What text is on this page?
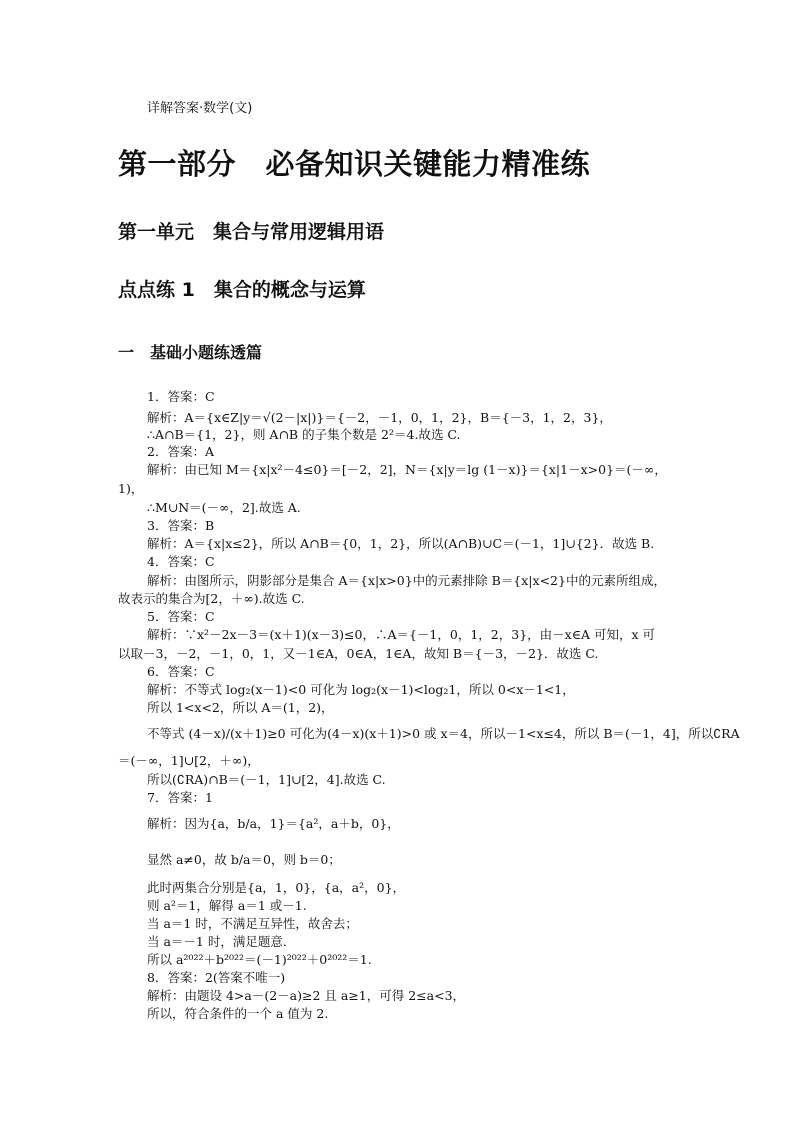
详解答案·数学(文)
第一部分　必备知识关键能力精准练
第一单元　集合与常用逻辑用语
点点练 1　集合的概念与运算
一　基础小题练透篇
1．答案：C
解析：A＝{x∈Z|y＝√(2－|x|)}＝{－2，－1，0，1，2}，B＝{－3，1，2，3}，
∴A∩B＝{1，2}，则 A∩B 的子集个数是 2²＝4.故选 C.
2．答案：A
解析：由已知 M＝{x|x²－4≤0}＝[－2，2]，N＝{x|y＝lg (1－x)}＝{x|1－x>0}＝(－∞，
1)，
∴M∪N＝(－∞，2].故选 A.
3．答案：B
解析：A＝{x|x≤2}，所以 A∩B＝{0，1，2}，所以(A∩B)∪C＝(－1，1]∪{2}．故选 B.
4．答案：C
解析：由图所示，阴影部分是集合 A＝{x|x>0}中的元素排除 B＝{x|x<2}中的元素所组成，
故表示的集合为[2，＋∞).故选 C.
5．答案：C
解析：∵x²－2x－3＝(x＋1)(x－3)≤0，∴A＝{－1，0，1，2，3}，由－x∈A 可知，x 可
以取－3，－2，－1，0，1，又－1∈A，0∈A，1∈A，故知 B＝{－3，－2}．故选 C.
6．答案：C
解析：不等式 log₂(x－1)<0 可化为 log₂(x－1)<log₂1，所以 0<x－1<1，
所以 1<x<2，所以 A＝(1，2)，
不等式 (4－x)/(x＋1)≥0 可化为(4－x)(x＋1)>0 或 x＝4，所以－1<x≤4，所以 B＝(－1，4]，所以∁RA
＝(－∞，1]∪[2，＋∞)，
所以(∁RA)∩B＝(－1，1]∪[2，4].故选 C.
7．答案：1
解析：因为{a，b/a，1}＝{a²，a＋b，0}，
显然 a≠0，故 b/a＝0，则 b＝0；
此时两集合分别是{a，1，0}，{a，a²，0}，
则 a²＝1，解得 a＝1 或－1.
当 a＝1 时，不满足互异性，故舍去；
当 a＝－1 时，满足题意．
所以 a²⁰²²＋b²⁰²²＝(－1)²⁰²²＋0²⁰²²＝1.
8．答案：2(答案不唯一)
解析：由题设 4>a－(2－a)≥2 且 a≥1，可得 2≤a<3，
所以，符合条件的一个 a 值为 2.
